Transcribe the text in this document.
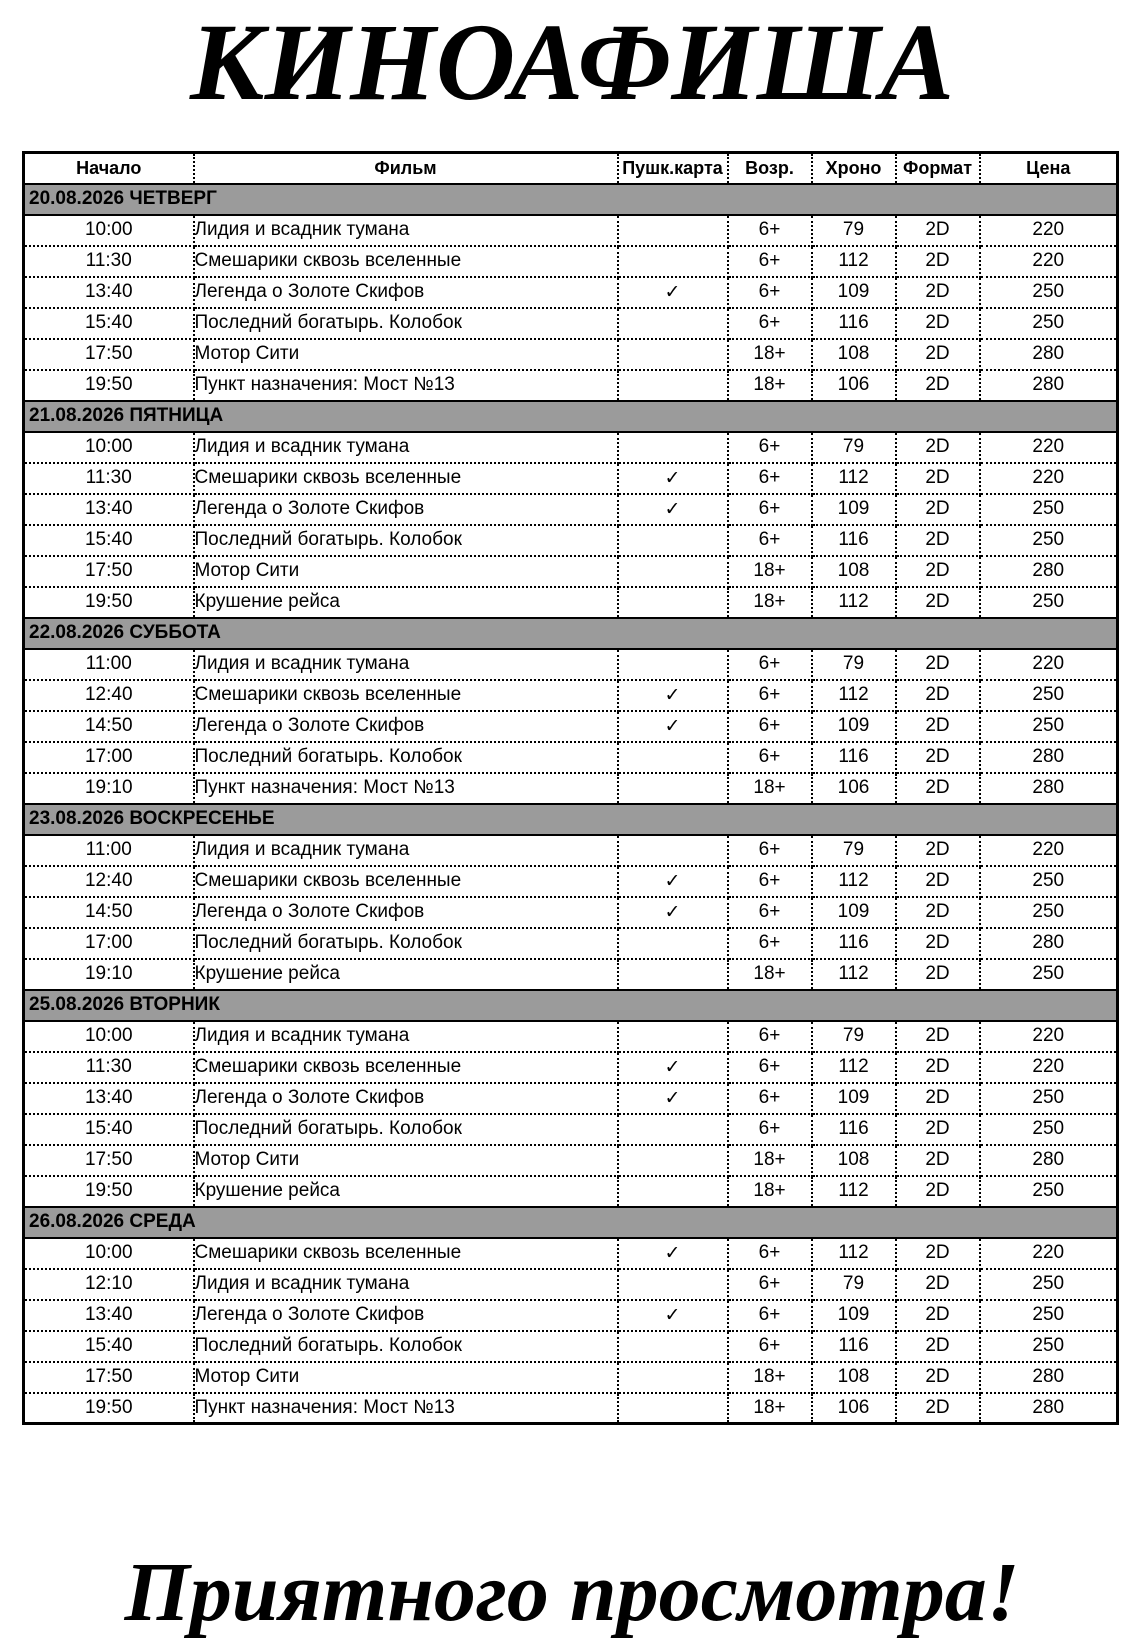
КИНОАФИША
Начало	Фильм	Пушк.карта	Возр.	Хроно	Формат	Цена
20.08.2026 ЧЕТВЕРГ						
10:00	Лидия и всадник тумана		6+	79	2D	220
11:30	Смешарики сквозь вселенные		6+	112	2D	220
13:40	Легенда о Золоте Скифов	✓	6+	109	2D	250
15:40	Последний богатырь. Колобок		6+	116	2D	250
17:50	Мотор Сити		18+	108	2D	280
19:50	Пункт назначения: Мост №13		18+	106	2D	280
21.08.2026 ПЯТНИЦА						
10:00	Лидия и всадник тумана		6+	79	2D	220
11:30	Смешарики сквозь вселенные	✓	6+	112	2D	220
13:40	Легенда о Золоте Скифов	✓	6+	109	2D	250
15:40	Последний богатырь. Колобок		6+	116	2D	250
17:50	Мотор Сити		18+	108	2D	280
19:50	Крушение рейса		18+	112	2D	250
22.08.2026 СУББОТА						
11:00	Лидия и всадник тумана		6+	79	2D	220
12:40	Смешарики сквозь вселенные	✓	6+	112	2D	250
14:50	Легенда о Золоте Скифов	✓	6+	109	2D	250
17:00	Последний богатырь. Колобок		6+	116	2D	280
19:10	Пункт назначения: Мост №13		18+	106	2D	280
23.08.2026 ВОСКРЕСЕНЬЕ						
11:00	Лидия и всадник тумана		6+	79	2D	220
12:40	Смешарики сквозь вселенные	✓	6+	112	2D	250
14:50	Легенда о Золоте Скифов	✓	6+	109	2D	250
17:00	Последний богатырь. Колобок		6+	116	2D	280
19:10	Крушение рейса		18+	112	2D	250
25.08.2026 ВТОРНИК						
10:00	Лидия и всадник тумана		6+	79	2D	220
11:30	Смешарики сквозь вселенные	✓	6+	112	2D	220
13:40	Легенда о Золоте Скифов	✓	6+	109	2D	250
15:40	Последний богатырь. Колобок		6+	116	2D	250
17:50	Мотор Сити		18+	108	2D	280
19:50	Крушение рейса		18+	112	2D	250
26.08.2026 СРЕДА						
10:00	Смешарики сквозь вселенные	✓	6+	112	2D	220
12:10	Лидия и всадник тумана		6+	79	2D	250
13:40	Легенда о Золоте Скифов	✓	6+	109	2D	250
15:40	Последний богатырь. Колобок		6+	116	2D	250
17:50	Мотор Сити		18+	108	2D	280
19:50	Пункт назначения: Мост №13		18+	106	2D	280
Приятного просмотра!
